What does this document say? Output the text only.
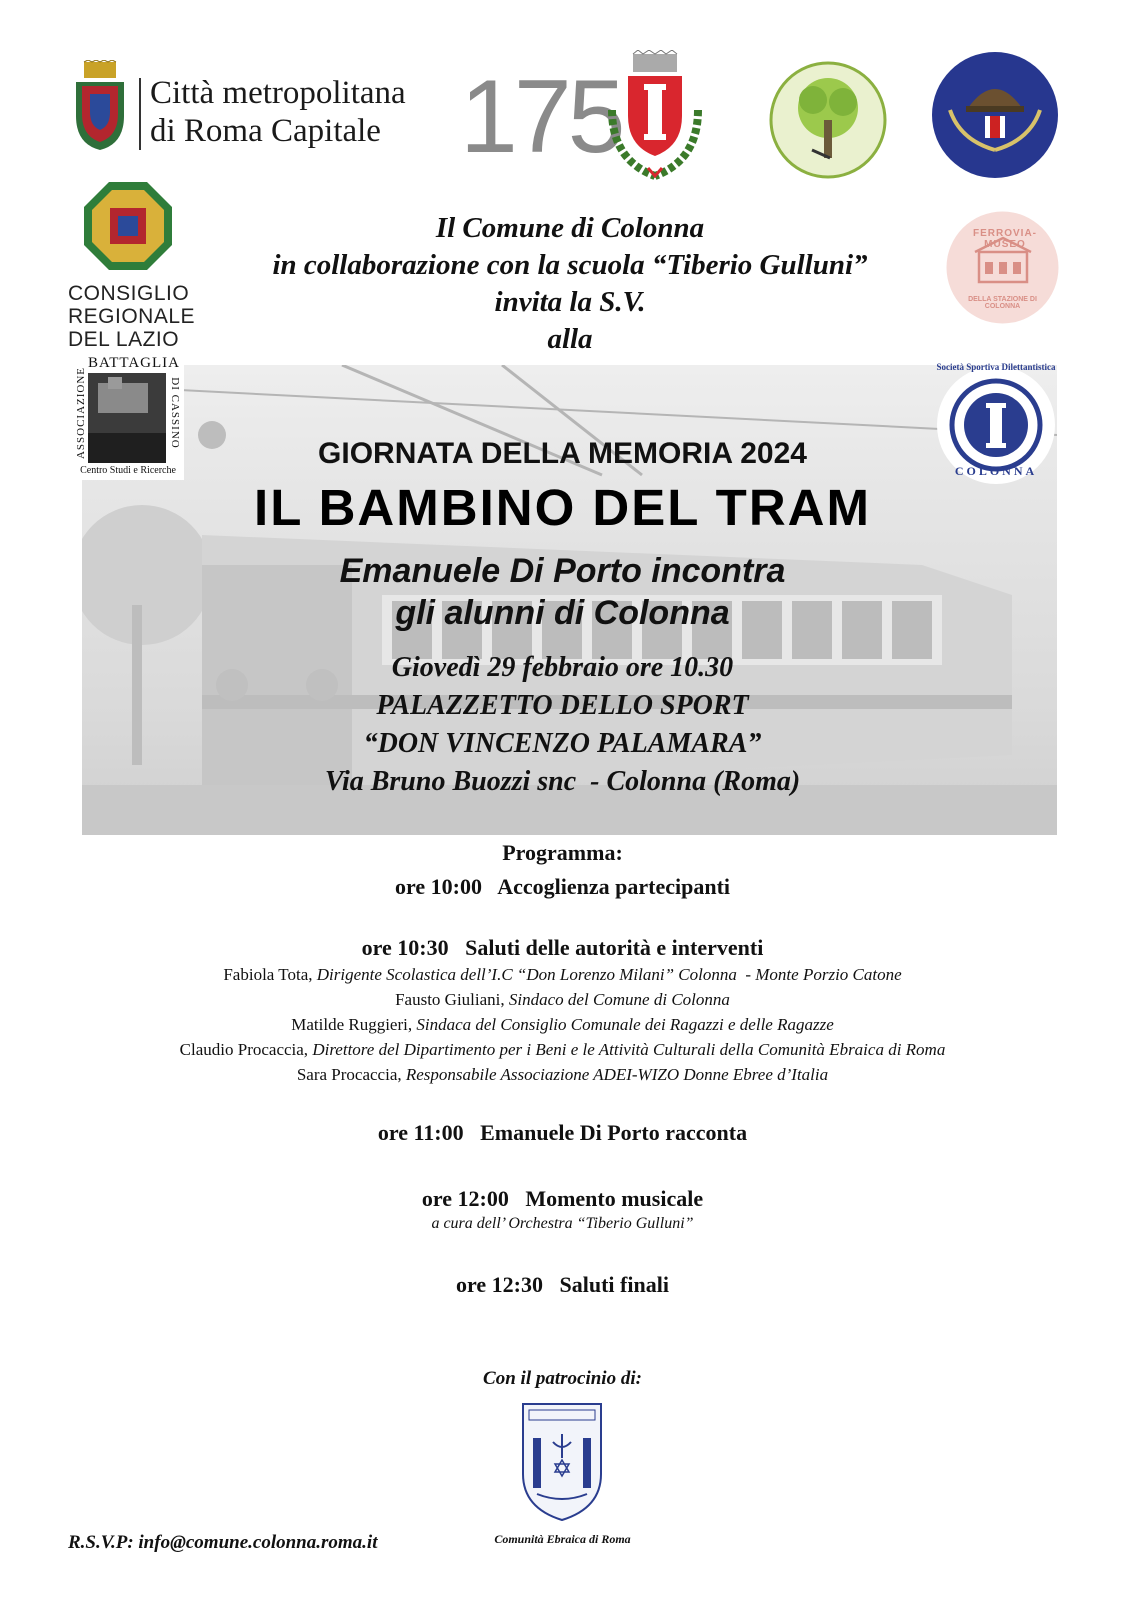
Città metropolitana
di Roma Capitale 175
CONSIGLIO
REGIONALE
DEL LAZIO
FERROVIA-MUSEO
DELLA STAZIONE DI COLONNA
Il Comune di Colonna
in collaborazione con la scuola “Tiberio Gulluni”
invita la S.V.
alla
BATTAGLIA
ASSOCIAZIONE	DI CASSINO
Centro Studi e Ricerche
Società Sportiva Dilettantistica
COLONNA
GIORNATA DELLA MEMORIA 2024
IL BAMBINO DEL TRAM
Emanuele Di Porto incontra
gli alunni di Colonna
Giovedì 29 febbraio ore 10.30
PALAZZETTO DELLO SPORT
“DON VINCENZO PALAMARA”
Via Bruno Buozzi snc  - Colonna (Roma)
Programma:
ore 10:00   Accoglienza partecipanti
ore 10:30   Saluti delle autorità e interventi
Fabiola Tota, Dirigente Scolastica dell’I.C “Don Lorenzo Milani” Colonna  - Monte Porzio Catone
Fausto Giuliani, Sindaco del Comune di Colonna
Matilde Ruggieri, Sindaca del Consiglio Comunale dei Ragazzi e delle Ragazze
Claudio Procaccia, Direttore del Dipartimento per i Beni e le Attività Culturali della Comunità Ebraica di Roma
Sara Procaccia, Responsabile Associazione ADEI-WIZO Donne Ebree d’Italia
ore 11:00   Emanuele Di Porto racconta
ore 12:00   Momento musicale
a cura dell’ Orchestra “Tiberio Gulluni”
ore 12:30   Saluti finali
Con il patrocinio di:
Comunità Ebraica di Roma
R.S.V.P: info@comune.colonna.roma.it
